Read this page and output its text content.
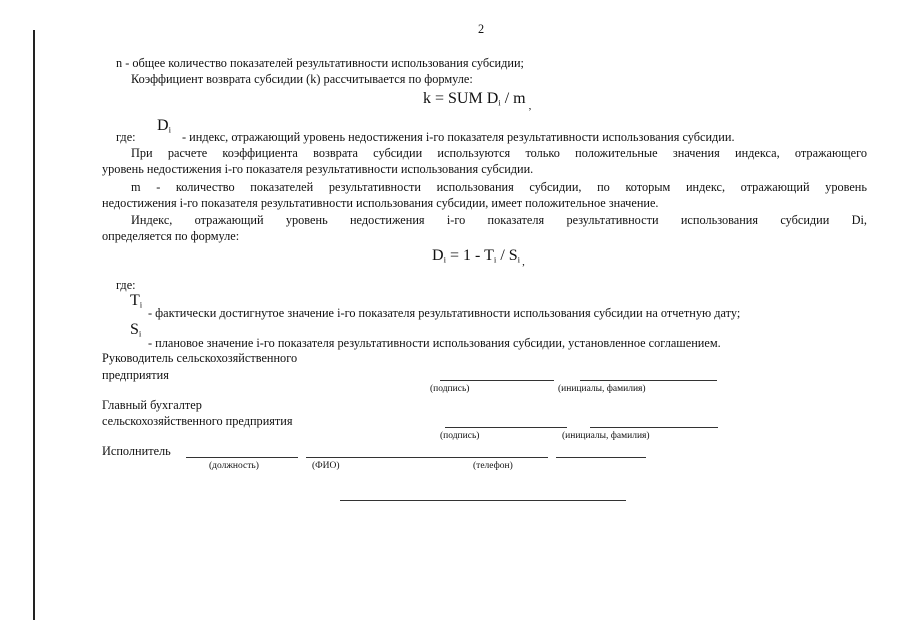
2
n - общее количество показателей результативности использования субсидии;
Коэффициент возврата субсидии (k) рассчитывается по формуле:
k = SUM $D_i$ / m $_,$
где:
$D_i$
- индекс, отражающий уровень недостижения i-го показателя результативности использования субсидии.
При расчете коэффициента возврата субсидии используются только положительные значения индекса, отражающего
уровень недостижения i-го показателя результативности использования субсидии.
m - количество показателей результативности использования субсидии, по которым индекс, отражающий уровень
недостижения i-го показателя результативности использования субсидии, имеет положительное значение.
Индекс, отражающий уровень недостижения i-го показателя результативности использования субсидии Di,
определяется по формуле:
$D_i = 1 - T_i / S_i$ $_,$
где:
$T_i$
- фактически достигнутое значение i-го показателя результативности использования субсидии на отчетную дату;
$S_i$
- плановое значение i-го показателя результативности использования субсидии, установленное соглашением.
Руководитель сельскохозяйственного
предприятия
(подпись)	(инициалы, фамилия)
Главный бухгалтер
сельскохозяйственного предприятия
(подпись)	(инициалы, фамилия)
Исполнитель
(должность)	(ФИО)	(телефон)
